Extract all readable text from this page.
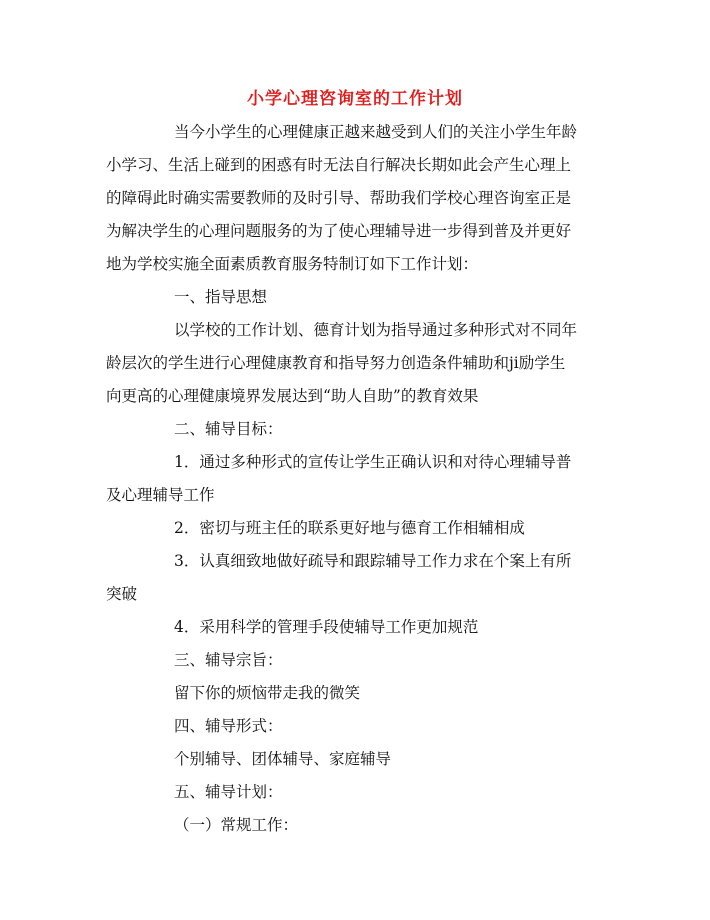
小学心理咨询室的工作计划
当今小学生的心理健康正越来越受到人们的关注小学生年龄
小学习、生活上碰到的困惑有时无法自行解决长期如此会产生心理上
的障碍此时确实需要教师的及时引导、帮助我们学校心理咨询室正是
为解决学生的心理问题服务的为了使心理辅导进一步得到普及并更好
地为学校实施全面素质教育服务特制订如下工作计划：
一、指导思想
以学校的工作计划、德育计划为指导通过多种形式对不同年
龄层次的学生进行心理健康教育和指导努力创造条件辅助和ji励学生
向更高的心理健康境界发展达到“助人自助”的教育效果
二、辅导目标：
1．通过多种形式的宣传让学生正确认识和对待心理辅导普
及心理辅导工作
2．密切与班主任的联系更好地与德育工作相辅相成
3．认真细致地做好疏导和跟踪辅导工作力求在个案上有所
突破
4．采用科学的管理手段使辅导工作更加规范
三、辅导宗旨：
留下你的烦恼带走我的微笑
四、辅导形式：
个别辅导、团体辅导、家庭辅导
五、辅导计划：
（一）常规工作：
